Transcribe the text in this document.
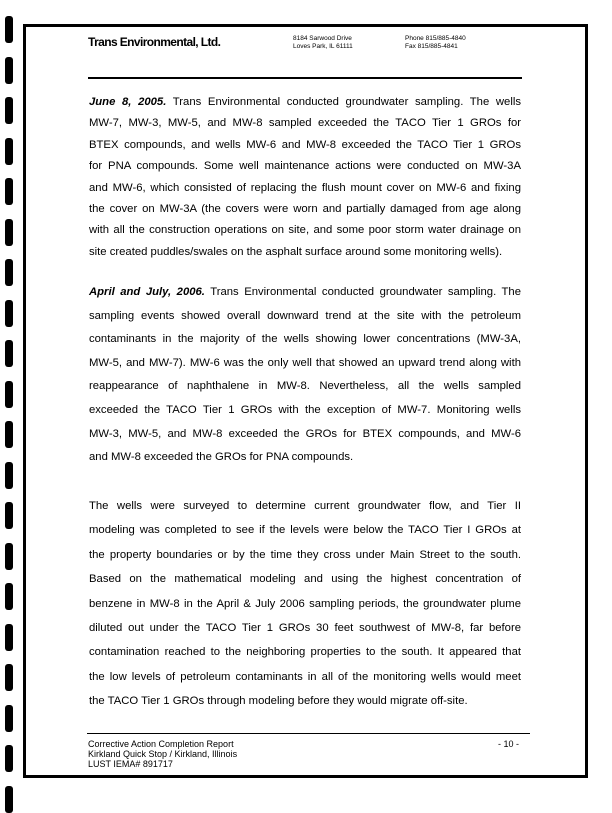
Trans Environmental, Ltd.	8184 Sarwood Drive
Loves Park, IL 61111
Phone 815/885-4840
Fax 815/885-4841
June 8, 2005. Trans Environmental conducted groundwater sampling. The wells
MW-7, MW-3, MW-5, and MW-8 sampled exceeded the TACO Tier 1 GROs for
BTEX compounds, and wells MW-6 and MW-8 exceeded the TACO Tier 1 GROs
for PNA compounds. Some well maintenance actions were conducted on MW-3A
and MW-6, which consisted of replacing the flush mount cover on MW-6 and fixing
the cover on MW-3A (the covers were worn and partially damaged from age along
with all the construction operations on site, and some poor storm water drainage on
site created puddles/swales on the asphalt surface around some monitoring wells).
April and July, 2006. Trans Environmental conducted groundwater sampling. The
sampling events showed overall downward trend at the site with the petroleum
contaminants in the majority of the wells showing lower concentrations (MW-3A,
MW-5, and MW-7). MW-6 was the only well that showed an upward trend along with
reappearance of naphthalene in MW-8. Nevertheless, all the wells sampled
exceeded the TACO Tier 1 GROs with the exception of MW-7. Monitoring wells
MW-3, MW-5, and MW-8 exceeded the GROs for BTEX compounds, and MW-6
and MW-8 exceeded the GROs for PNA compounds.
The wells were surveyed to determine current groundwater flow, and Tier II
modeling was completed to see if the levels were below the TACO Tier I GROs at
the property boundaries or by the time they cross under Main Street to the south.
Based on the mathematical modeling and using the highest concentration of
benzene in MW-8 in the April & July 2006 sampling periods, the groundwater plume
diluted out under the TACO Tier 1 GROs 30 feet southwest of MW-8, far before
contamination reached to the neighboring properties to the south. It appeared that
the low levels of petroleum contaminants in all of the monitoring wells would meet
the TACO Tier 1 GROs through modeling before they would migrate off-site.
Corrective Action Completion Report
Kirkland Quick Stop / Kirkland, Illinois
LUST IEMA# 891717
- 10 -
